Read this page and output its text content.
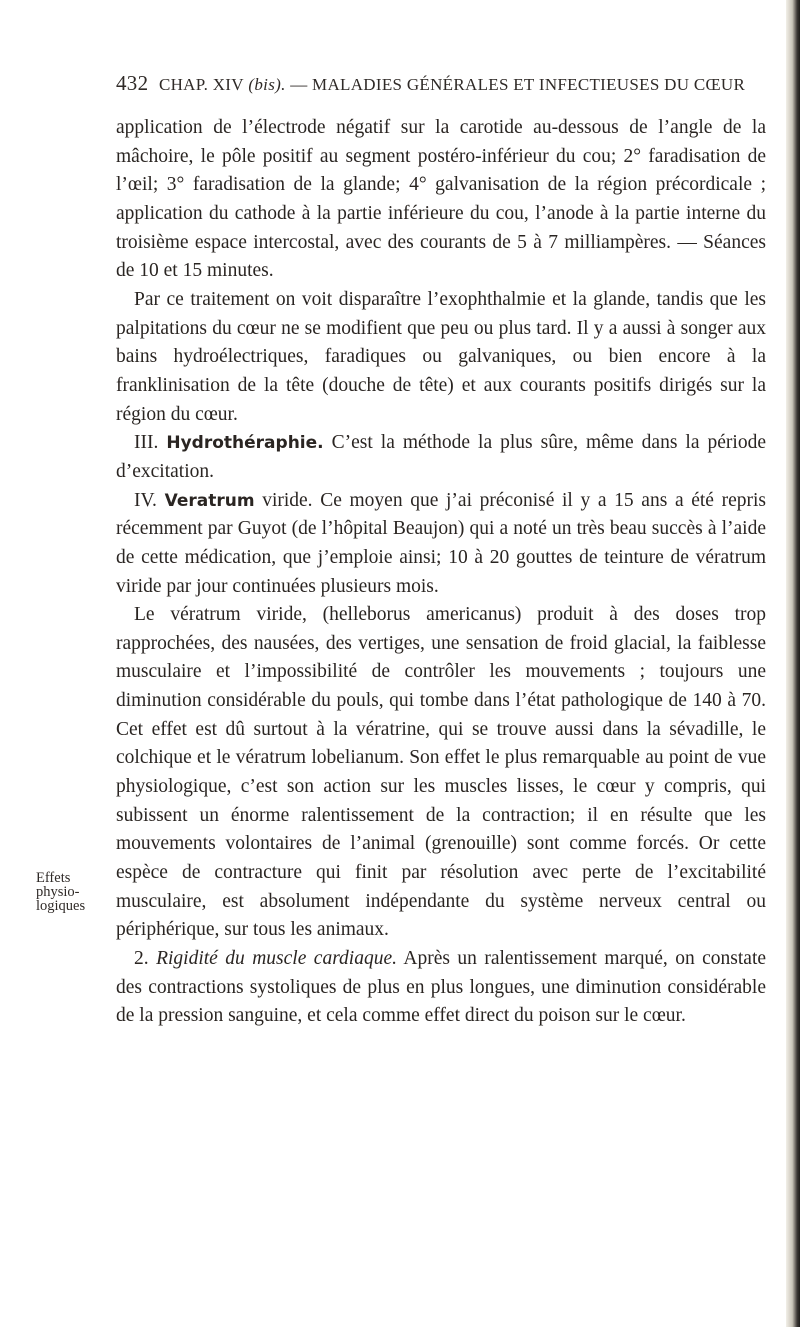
432 CHAP. XIV (bis). — MALADIES GÉNÉRALES ET INFECTIEUSES DU CŒUR
Effets
physio-
logiques

application de l’électrode négatif sur la carotide au-dessous de l’angle de la mâchoire, le pôle positif au segment postéro-inférieur du cou; 2° faradisation de l’œil; 3° faradisation de la glande; 4° galvanisation de la région précordicale ; application du cathode à la partie inférieure du cou, l’anode à la partie interne du troisième espace intercostal, avec des courants de 5 à 7 milliampères. — Séances de 10 et 15 minutes.

Par ce traitement on voit disparaître l’exophthalmie et la glande, tandis que les palpitations du cœur ne se modifient que peu ou plus tard. Il y a aussi à songer aux bains hydroélectriques, faradiques ou galvaniques, ou bien encore à la franklinisation de la tête (douche de tête) et aux courants positifs dirigés sur la région du cœur.

III. Hydrothéraphie. C’est la méthode la plus sûre, même dans la période d’excitation.

IV. Veratrum viride. Ce moyen que j’ai préconisé il y a 15 ans a été repris récemment par Guyot (de l’hôpital Beaujon) qui a noté un très beau succès à l’aide de cette médication, que j’emploie ainsi; 10 à 20 gouttes de teinture de vératrum viride par jour continuées plusieurs mois.

Le vératrum viride, (helleborus americanus) produit à des doses trop rapprochées, des nausées, des vertiges, une sensation de froid glacial, la faiblesse musculaire et l’impossibilité de contrôler les mouvements ; toujours une diminution considérable du pouls, qui tombe dans l’état pathologique de 140 à 70. Cet effet est dû surtout à la vératrine, qui se trouve aussi dans la sévadille, le colchique et le vératrum lobelianum. Son effet le plus remarquable au point de vue physiologique, c’est son action sur les muscles lisses, le cœur y compris, qui subissent un énorme ralentissement de la contraction; il en résulte que les mouvements volontaires de l’animal (grenouille) sont comme forcés. Or cette espèce de contracture qui finit par résolution avec perte de l’excitabilité musculaire, est absolument indépendante du système nerveux central ou périphérique, sur tous les animaux.

2. Rigidité du muscle cardiaque. Après un ralentissement marqué, on constate des contractions systoliques de plus en plus longues, une diminution considérable de la pression sanguine, et cela comme effet direct du poison sur le cœur.
